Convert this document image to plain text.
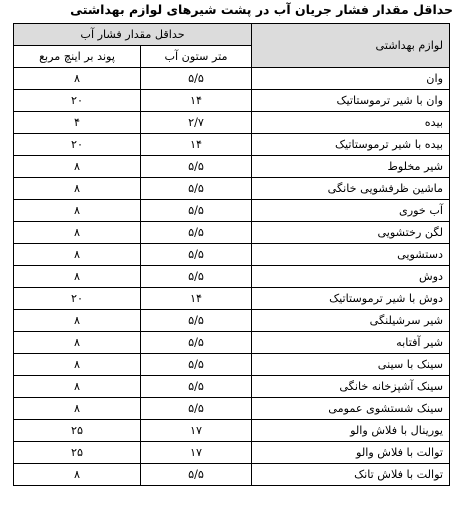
حداقل مقدار فشار جریان آب در پشت شیرهای لوازم بهداشتی
لوازم بهداشتی	حداقل مقدار فشار آب	
	متر ستون آب	پوند بر اینچ مربع
وان	۵/۵	۸
وان با شیر ترموستاتیک	۱۴	۲۰
بیده	۲/۷	۴
بیده با شیر ترموستاتیک	۱۴	۲۰
شیر مخلوط	۵/۵	۸
ماشین ظرفشویی خانگی	۵/۵	۸
آب خوری	۵/۵	۸
لگن رختشویی	۵/۵	۸
دستشویی	۵/۵	۸
دوش	۵/۵	۸
دوش با شیر ترموستاتیک	۱۴	۲۰
شیر سرشیلنگی	۵/۵	۸
شیر آفتابه	۵/۵	۸
سینک با سینی	۵/۵	۸
سینک آشپزخانه خانگی	۵/۵	۸
سینک شستشوی عمومی	۵/۵	۸
یورینال با فلاش والو	۱۷	۲۵
توالت با فلاش والو	۱۷	۲۵
توالت با فلاش تانک	۵/۵	۸
